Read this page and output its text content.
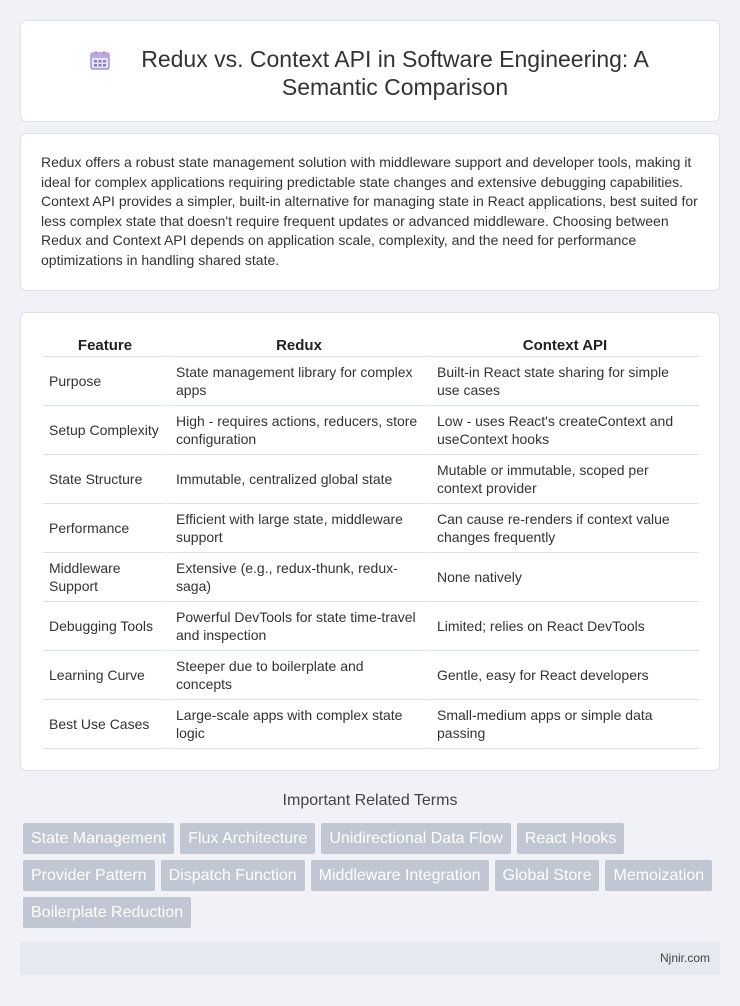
Redux vs. Context API in Software Engineering: A Semantic Comparison

Redux offers a robust state management solution with middleware support and developer tools, making it ideal for complex applications requiring predictable state changes and extensive debugging capabilities. Context API provides a simpler, built-in alternative for managing state in React applications, best suited for less complex state that doesn't require frequent updates or advanced middleware. Choosing between Redux and Context API depends on application scale, complexity, and the need for performance optimizations in handling shared state.

Feature	Redux	Context API
Purpose	State management library for complex apps	Built-in React state sharing for simple use cases
Setup Complexity	High - requires actions, reducers, store configuration	Low - uses React's createContext and useContext hooks
State Structure	Immutable, centralized global state	Mutable or immutable, scoped per context provider
Performance	Efficient with large state, middleware support	Can cause re-renders if context value changes frequently
Middleware Support	Extensive (e.g., redux-thunk, redux-saga)	None natively
Debugging Tools	Powerful DevTools for state time-travel and inspection	Limited; relies on React DevTools
Learning Curve	Steeper due to boilerplate and concepts	Gentle, easy for React developers
Best Use Cases	Large-scale apps with complex state logic	Small-medium apps or simple data passing
Important Related Terms
State Management	Flux Architecture	Unidirectional Data Flow	React Hooks
Provider Pattern	Dispatch Function	Middleware Integration	Global Store	Memoization
Boilerplate Reduction
Njnir.com
